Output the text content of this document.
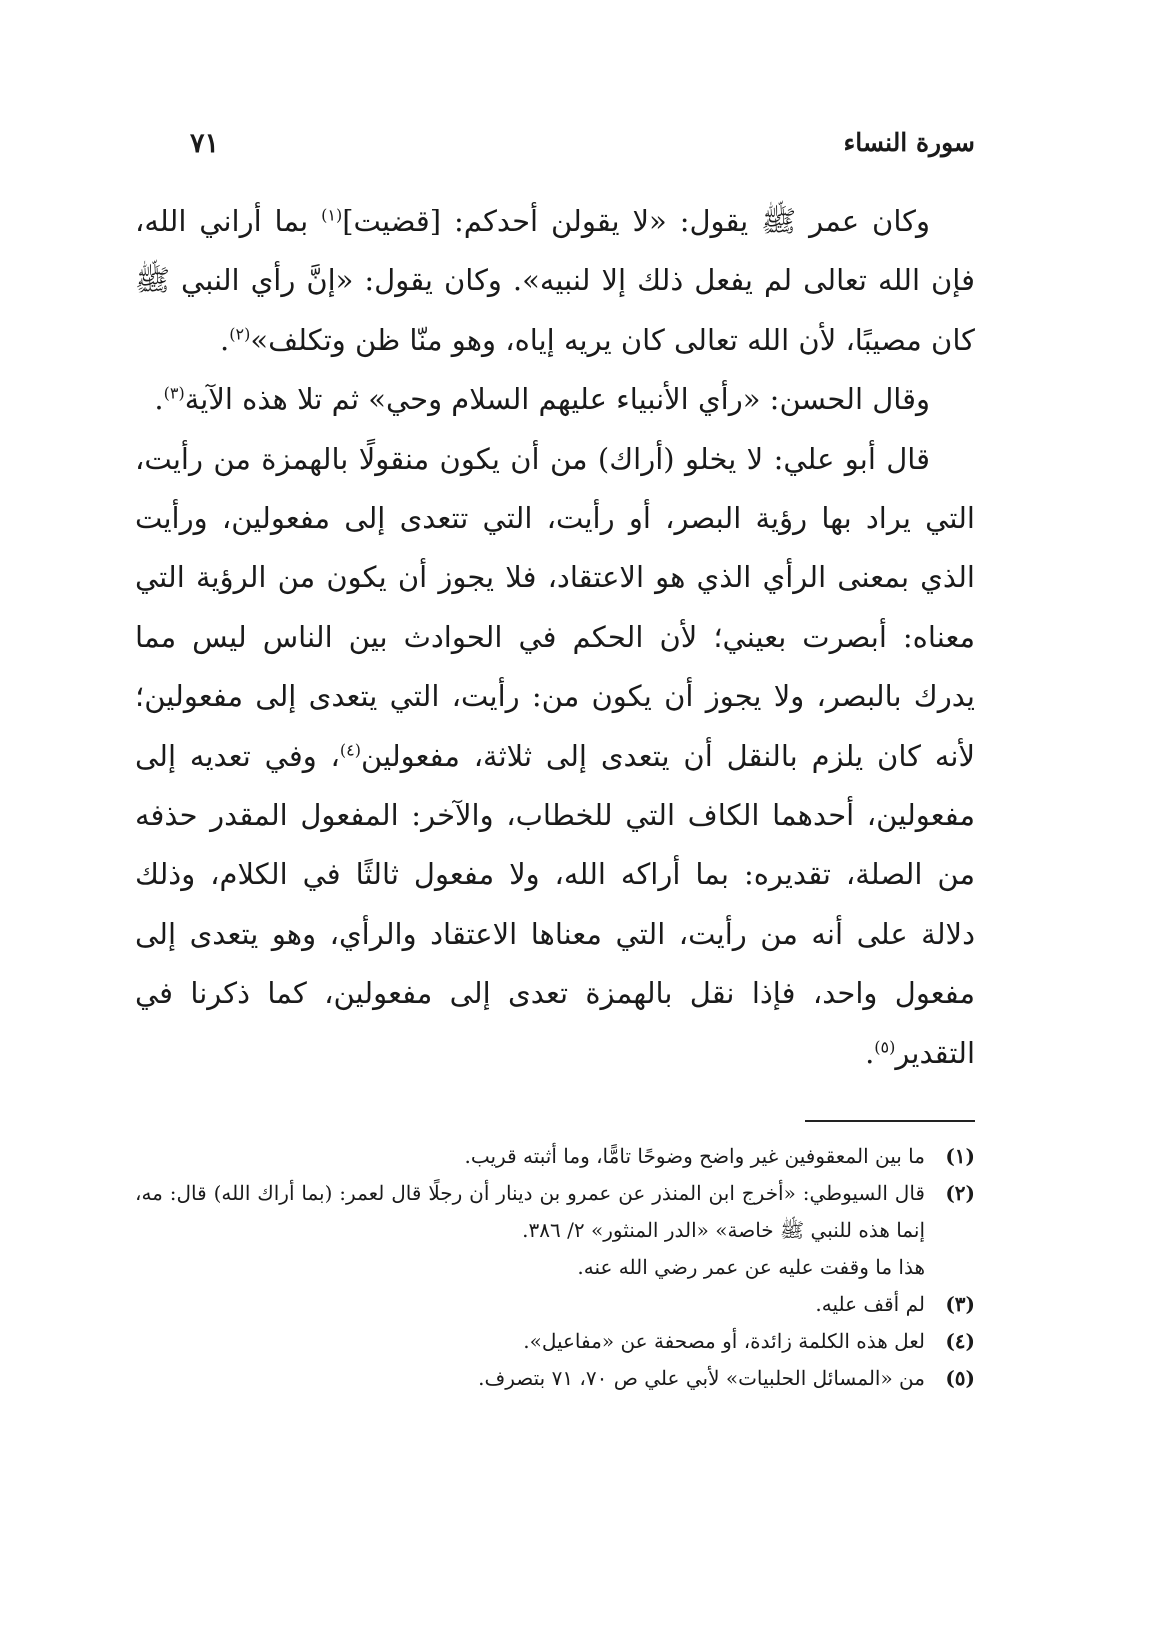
سورة النساء
٧١

وكان عمر ﷺ يقول: «لا يقولن أحدكم: [قضيت]$^{(١)}$ بما أراني الله، فإن الله تعالى لم يفعل ذلك إلا لنبيه». وكان يقول: «إنَّ رأي النبي ﷺ كان مصيبًا، لأن الله تعالى كان يريه إياه، وهو منّا ظن وتكلف»$^{(٢)}$.

وقال الحسن: «رأي الأنبياء عليهم السلام وحي» ثم تلا هذه الآية$^{(٣)}$.

قال أبو علي: لا يخلو (أراك) من أن يكون منقولًا بالهمزة من رأيت، التي يراد بها رؤية البصر، أو رأيت، التي تتعدى إلى مفعولين، ورأيت الذي بمعنى الرأي الذي هو الاعتقاد، فلا يجوز أن يكون من الرؤية التي معناه: أبصرت بعيني؛ لأن الحكم في الحوادث بين الناس ليس مما يدرك بالبصر، ولا يجوز أن يكون من: رأيت، التي يتعدى إلى مفعولين؛ لأنه كان يلزم بالنقل أن يتعدى إلى ثلاثة، مفعولين$^{(٤)}$، وفي تعديه إلى مفعولين، أحدهما الكاف التي للخطاب، والآخر: المفعول المقدر حذفه من الصلة، تقديره: بما أراكه الله، ولا مفعول ثالثًا في الكلام، وذلك دلالة على أنه من رأيت، التي معناها الاعتقاد والرأي، وهو يتعدى إلى مفعول واحد، فإذا نقل بالهمزة تعدى إلى مفعولين، كما ذكرنا في التقدير$^{(٥)}$.

(١)
ما بين المعقوفين غير واضح وضوحًا تامًّا، وما أثبته قريب.
(٢)
قال السيوطي: «أخرج ابن المنذر عن عمرو بن دينار أن رجلًا قال لعمر: (بما أراك الله) قال: مه، إنما هذه للنبي ﷺ خاصة» «الدر المنثور» ٢/ ٣٨٦.
هذا ما وقفت عليه عن عمر رضي الله عنه.
(٣)
لم أقف عليه.
(٤)
لعل هذه الكلمة زائدة، أو مصحفة عن «مفاعيل».
(٥)
من «المسائل الحلبيات» لأبي علي ص ٧٠، ٧١ بتصرف.
